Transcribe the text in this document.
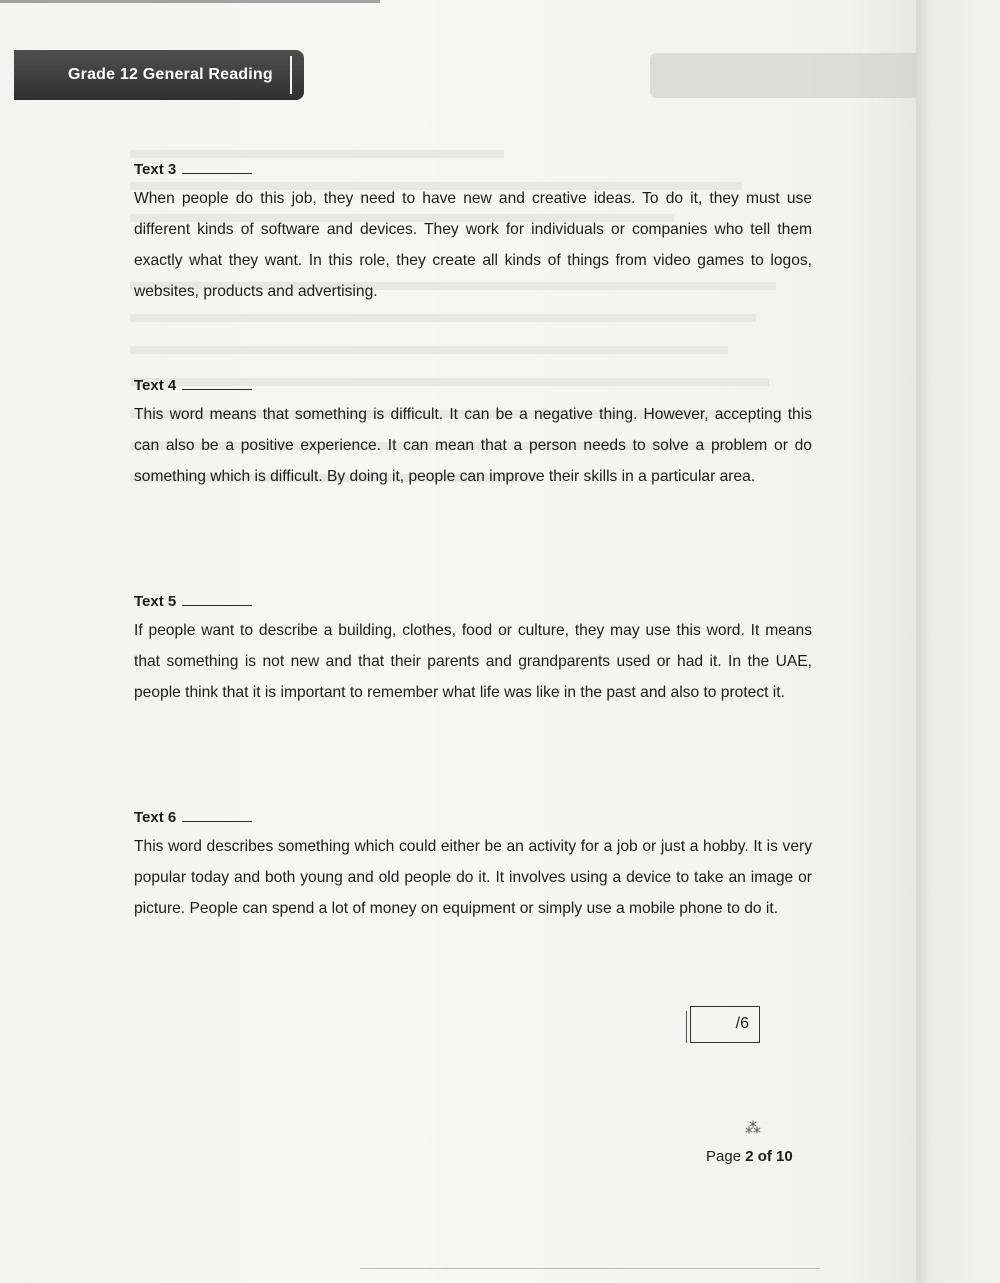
Grade 12 General Reading
Text 3

When people do this job, they need to have new and creative ideas. To do it, they must use different kinds of software and devices. They work for individuals or companies who tell them exactly what they want. In this role, they create all kinds of things from video games to logos, websites, products and advertising.

Text 4

This word means that something is difficult. It can be a negative thing. However, accepting this can also be a positive experience. It can mean that a person needs to solve a problem or do something which is difficult. By doing it, people can improve their skills in a particular area.

Text 5

If people want to describe a building, clothes, food or culture, they may use this word. It means that something is not new and that their parents and grandparents used or had it. In the UAE, people think that it is important to remember what life was like in the past and also to protect it.

Text 6

This word describes something which could either be an activity for a job or just a hobby. It is very popular today and both young and old people do it. It involves using a device to take an image or picture. People can spend a lot of money on equipment or simply use a mobile phone to do it.

/6
⁂
Page 2 of 10
